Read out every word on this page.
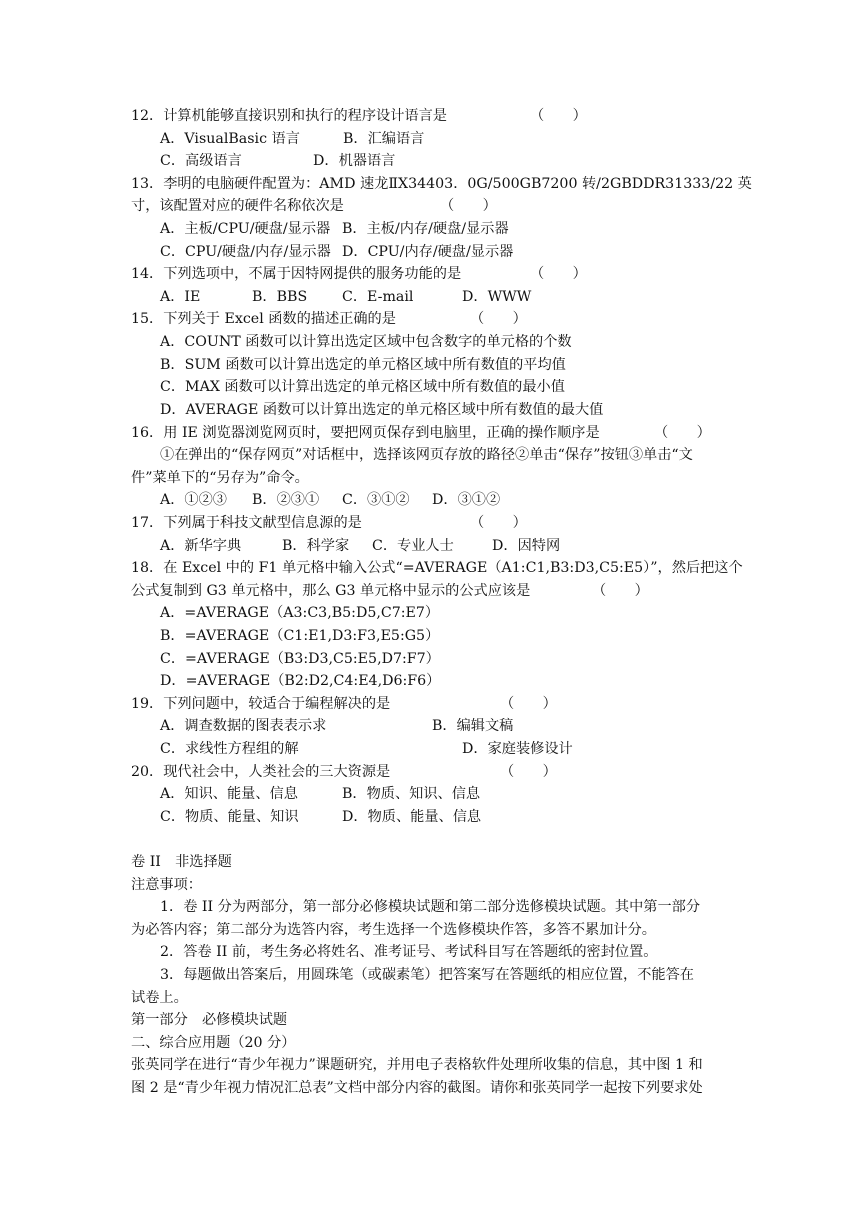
12．计算机能够直接识别和执行的程序设计语言是	（　　）
A．VisualBasic 语言	B．汇编语言
C．高级语言	D．机器语言
13．李明的电脑硬件配置为：AMD 速龙ⅡX34403．0G/500GB7200 转/2GBDDR31333/22 英
寸，该配置对应的硬件名称依次是	（　　）
A．主板/CPU/硬盘/显示器 B．主板/内存/硬盘/显示器
C．CPU/硬盘/内存/显示器 D．CPU/内存/硬盘/显示器
14．下列选项中，不属于因特网提供的服务功能的是	（　　）
A．IE	B．BBS C．E-mail	D．WWW
15．下列关于 Excel 函数的描述正确的是	（　　）
A．COUNT 函数可以计算出选定区域中包含数字的单元格的个数
B．SUM 函数可以计算出选定的单元格区域中所有数值的平均值
C．MAX 函数可以计算出选定的单元格区域中所有数值的最小值
D．AVERAGE 函数可以计算出选定的单元格区域中所有数值的最大值
16．用 IE 浏览器浏览网页时，要把网页保存到电脑里，正确的操作顺序是	（　　）
①在弹出的“保存网页”对话框中，选择该网页存放的路径②单击“保存”按钮③单击“文
件”菜单下的“另存为”命令。
A．①②③ B．②③① C．③①② D．③①②
17．下列属于科技文献型信息源的是	（　　）
A．新华字典	B．科学家 C．专业人士	D．因特网
18．在 Excel 中的 F1 单元格中输入公式“=AVERAGE（A1:C1,B3:D3,C5:E5）”，然后把这个
公式复制到 G3 单元格中，那么 G3 单元格中显示的公式应该是	（　　）
A．=AVERAGE（A3:C3,B5:D5,C7:E7）
B．=AVERAGE（C1:E1,D3:F3,E5:G5）
C．=AVERAGE（B3:D3,C5:E5,D7:F7）
D．=AVERAGE（B2:D2,C4:E4,D6:F6）
19．下列问题中，较适合于编程解决的是	（　　）
A．调查数据的图表表示求	B．编辑文稿
C．求线性方程组的解	D．家庭装修设计
20．现代社会中，人类社会的三大资源是	（　　）
A．知识、能量、信息	B．物质、知识、信息
C．物质、能量、知识	D．物质、能量、信息
卷 II　非选择题
注意事项：
1．卷 II 分为两部分，第一部分必修模块试题和第二部分选修模块试题。其中第一部分
为必答内容；第二部分为选答内容，考生选择一个选修模块作答，多答不累加计分。
2．答卷 II 前，考生务必将姓名、准考证号、考试科目写在答题纸的密封位置。
3．每题做出答案后，用圆珠笔（或碳素笔）把答案写在答题纸的相应位置，不能答在
试卷上。
第一部分　必修模块试题
二、综合应用题（20 分）
张英同学在进行“青少年视力”课题研究，并用电子表格软件处理所收集的信息，其中图 1 和
图 2 是“青少年视力情况汇总表”文档中部分内容的截图。请你和张英同学一起按下列要求处
